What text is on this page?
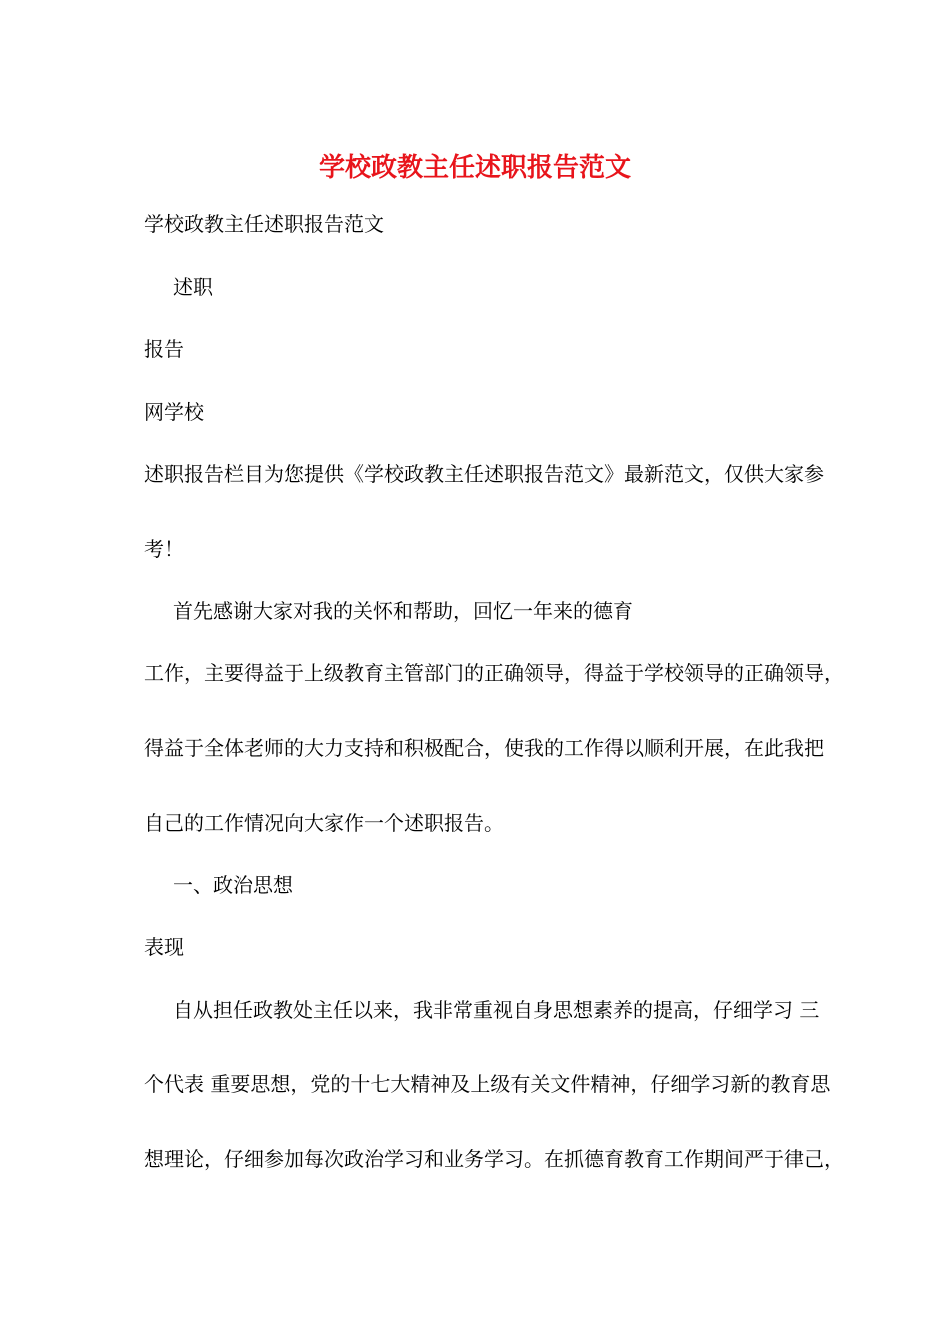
学校政教主任述职报告范文
学校政教主任述职报告范文
述职
报告
网学校
述职报告栏目为您提供《学校政教主任述职报告范文》最新范文，仅供大家参
考！
首先感谢大家对我的关怀和帮助，回忆一年来的德育
工作，主要得益于上级教育主管部门的正确领导，得益于学校领导的正确领导，
得益于全体老师的大力支持和积极配合，使我的工作得以顺利开展，在此我把
自己的工作情况向大家作一个述职报告。
一、政治思想
表现
自从担任政教处主任以来，我非常重视自身思想素养的提高，仔细学习 三
个代表 重要思想，党的十七大精神及上级有关文件精神，仔细学习新的教育思
想理论，仔细参加每次政治学习和业务学习。在抓德育教育工作期间严于律己，
